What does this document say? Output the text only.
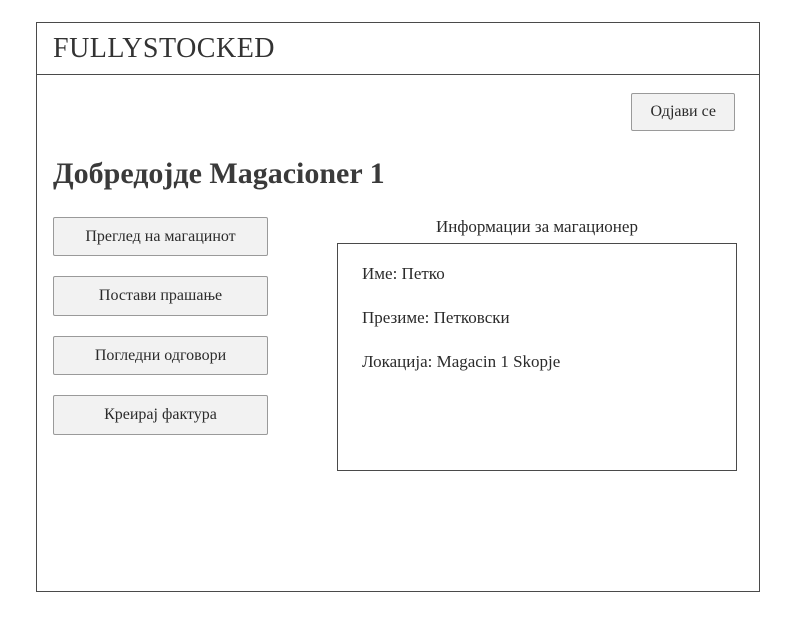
FULLYSTOCKED
Одјави се
Добредојде Magacioner 1
Преглед на магацинот
Постави прашање
Погледни одговори
Креирај фактура
Информации за магационер
Име: Петко
Презиме: Петковски
Локација: Magacin 1 Skopje
